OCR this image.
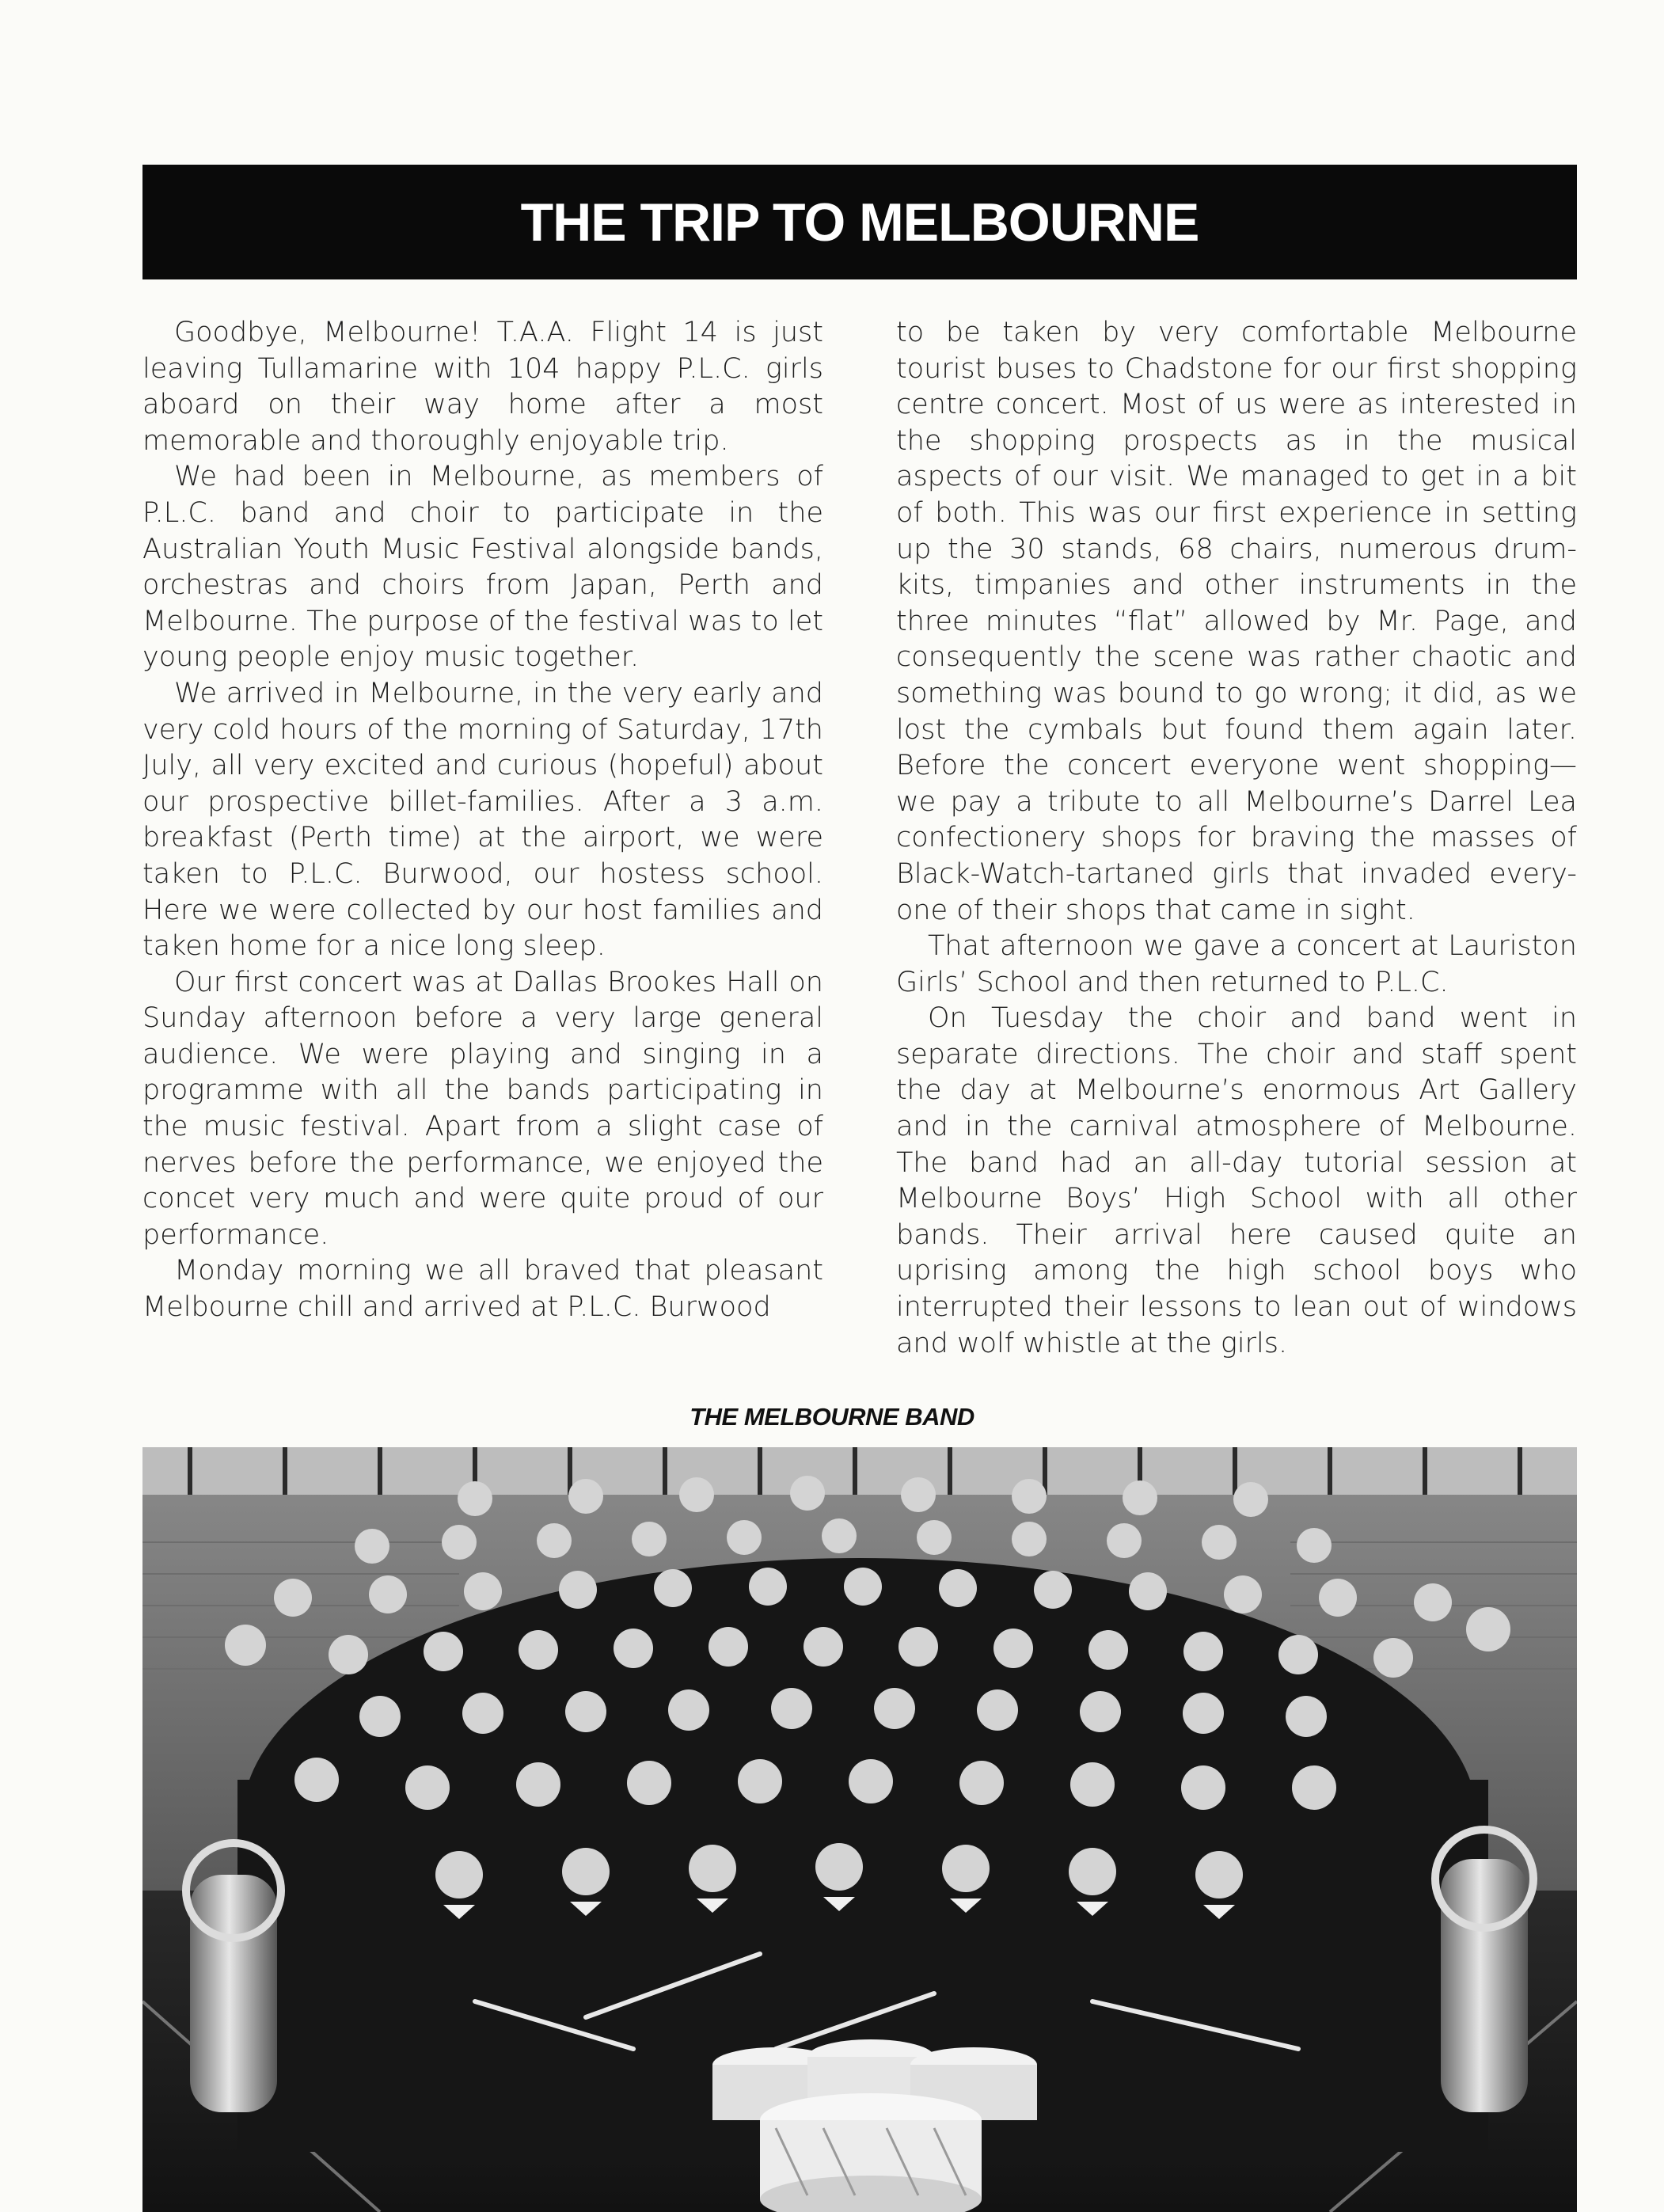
THE TRIP TO MELBOURNE

Goodbye, Melbourne! T.A.A. Flight 14 is just leaving Tullamarine with 104 happy P.L.C. girls aboard on their way home after a most memorable and thoroughly enjoyable trip.

We had been in Melbourne, as members of P.L.C. band and choir to participate in the Australian Youth Music Festival alongside bands, orchestras and choirs from Japan, Perth and Melbourne. The purpose of the festival was to let young people enjoy music together.

We arrived in Melbourne, in the very early and very cold hours of the morning of Saturday, 17th July, all very excited and curious (hopeful) about our prospective billet-families. After a 3 a.m. breakfast (Perth time) at the airport, we were taken to P.L.C. Burwood, our hostess school. Here we were collected by our host families and taken home for a nice long sleep.

Our first concert was at Dallas Brookes Hall on Sunday afternoon before a very large general audience. We were playing and singing in a programme with all the bands participating in the music festival. Apart from a slight case of nerves before the performance, we enjoyed the concet very much and were quite proud of our performance.

Monday morning we all braved that pleasant Melbourne chill and arrived at P.L.C. Burwood

to be taken by very comfortable Melbourne tourist buses to Chadstone for our first shopping centre concert. Most of us were as interested in the shopping prospects as in the musical aspects of our visit. We managed to get in a bit of both. This was our first experience in setting up the 30 stands, 68 chairs, numerous drum-kits, timpanies and other instruments in the three minutes “flat” allowed by Mr. Page, and consequently the scene was rather chaotic and something was bound to go wrong; it did, as we lost the cymbals but found them again later. Before the concert everyone went shopping— we pay a tribute to all Melbourne’s Darrel Lea confectionery shops for braving the masses of Black-Watch-tartaned girls that invaded every-one of their shops that came in sight.

That afternoon we gave a concert at Lauriston Girls’ School and then returned to P.L.C.

On Tuesday the choir and band went in separate directions. The choir and staff spent the day at Melbourne’s enormous Art Gallery and in the carnival atmosphere of Melbourne. The band had an all-day tutorial session at Melbourne Boys’ High School with all other bands. Their arrival here caused quite an uprising among the high school boys who interrupted their lessons to lean out of windows and wolf whistle at the girls.

THE MELBOURNE BAND
